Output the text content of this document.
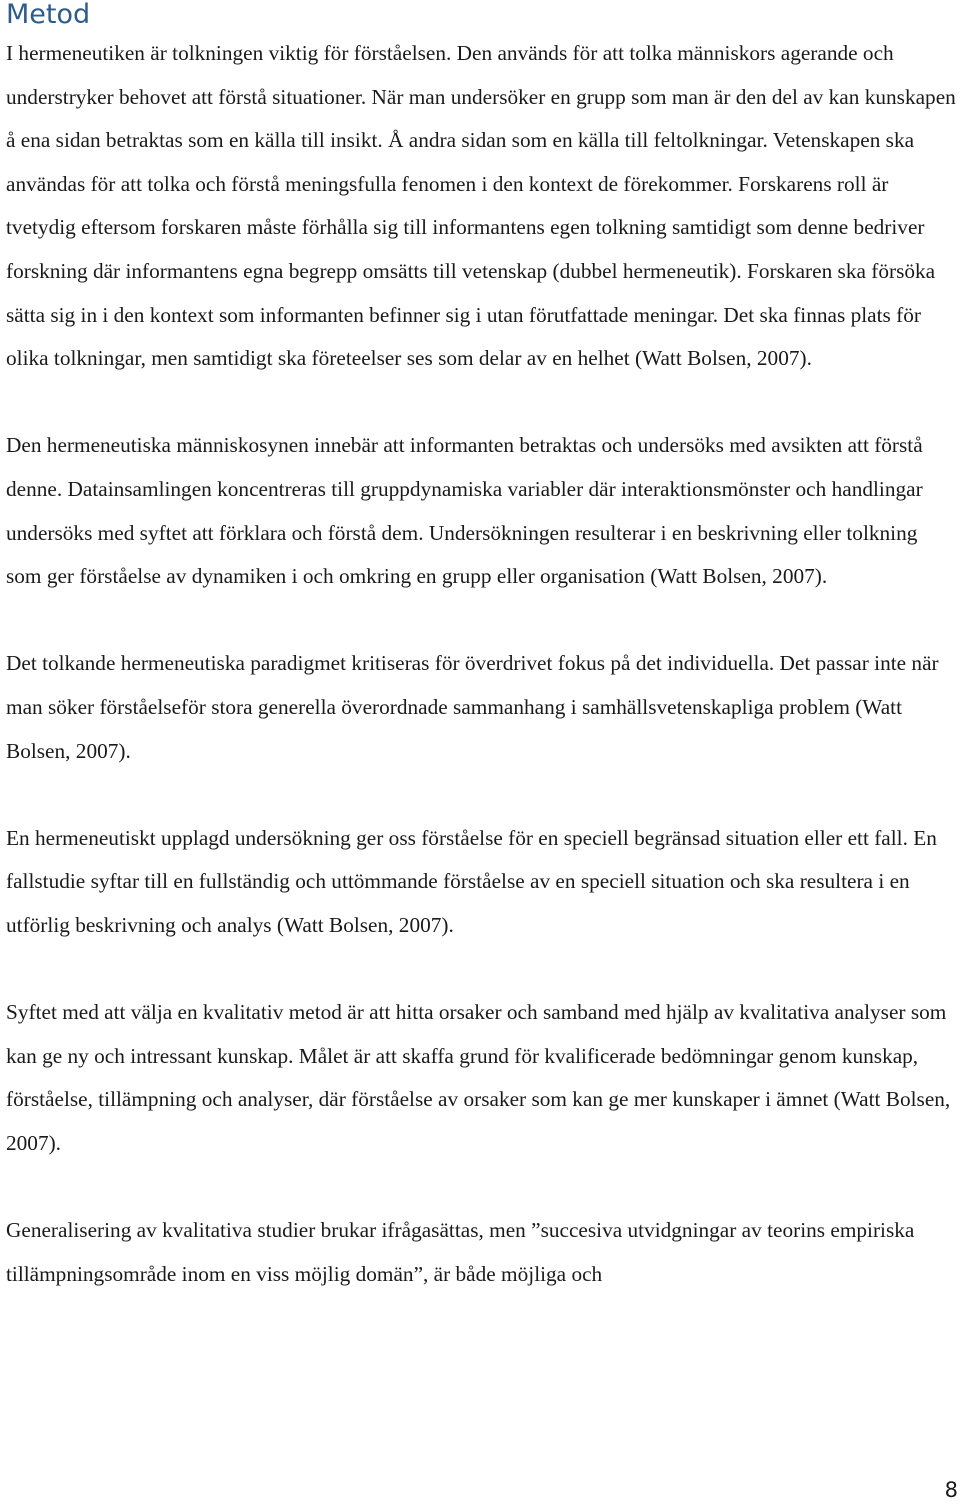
Metod

I hermeneutiken är tolkningen viktig för förståelsen. Den används för att tolka människors agerande och understryker behovet att förstå situationer. När man undersöker en grupp som man är den del av kan kunskapen å ena sidan betraktas som en källa till insikt. Å andra sidan som en källa till feltolkningar. Vetenskapen ska användas för att tolka och förstå meningsfulla fenomen i den kontext de förekommer. Forskarens roll är tvetydig eftersom forskaren måste förhålla sig till informantens egen tolkning samtidigt som denne bedriver forskning där informantens egna begrepp omsätts till vetenskap (dubbel hermeneutik). Forskaren ska försöka sätta sig in i den kontext som informanten befinner sig i utan förutfattade meningar. Det ska finnas plats för olika tolkningar, men samtidigt ska företeelser ses som delar av en helhet (Watt Bolsen, 2007).

Den hermeneutiska människosynen innebär att informanten betraktas och undersöks med avsikten att förstå denne. Datainsamlingen koncentreras till gruppdynamiska variabler där interaktionsmönster och handlingar undersöks med syftet att förklara och förstå dem. Undersökningen resulterar i en beskrivning eller tolkning som ger förståelse av dynamiken i och omkring en grupp eller organisation (Watt Bolsen, 2007).

Det tolkande hermeneutiska paradigmet kritiseras för överdrivet fokus på det individuella. Det passar inte när man söker förståelseför stora generella överordnade sammanhang i samhällsvetenskapliga problem (Watt Bolsen, 2007).

En hermeneutiskt upplagd undersökning ger oss förståelse för en speciell begränsad situation eller ett fall. En fallstudie syftar till en fullständig och uttömmande förståelse av en speciell situation och ska resultera i en utförlig beskrivning och analys (Watt Bolsen, 2007).

Syftet med att välja en kvalitativ metod är att hitta orsaker och samband med hjälp av kvalitativa analyser som kan ge ny och intressant kunskap. Målet är att skaffa grund för kvalificerade bedömningar genom kunskap, förståelse, tillämpning och analyser, där förståelse av orsaker som kan ge mer kunskaper i ämnet (Watt Bolsen, 2007).

Generalisering av kvalitativa studier brukar ifrågasättas, men ”succesiva utvidgningar av teorins empiriska tillämpningsområde inom en viss möjlig domän”, är både möjliga och

8
